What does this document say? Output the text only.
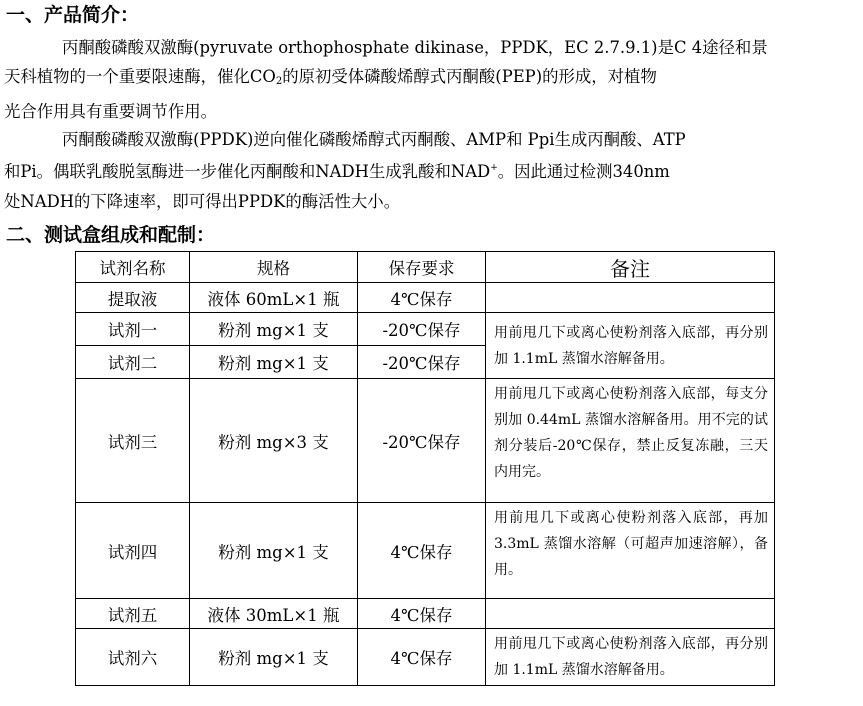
一、产品简介：
丙酮酸磷酸双激酶(pyruvate orthophosphate dikinase，PPDK，EC 2.7.9.1)是C 4途径和景
天科植物的一个重要限速酶，催化$CO_2$的原初受体磷酸烯醇式丙酮酸(PEP)的形成，对植物
光合作用具有重要调节作用。
丙酮酸磷酸双激酶(PPDK)逆向催化磷酸烯醇式丙酮酸、AMP和 Ppi生成丙酮酸、ATP
和Pi。偶联乳酸脱氢酶进一步催化丙酮酸和NADH生成乳酸和NAD+。因此通过检测340nm
处NADH的下降速率，即可得出PPDK的酶活性大小。
二、测试盒组成和配制：
试剂名称	规格	保存要求	备注
提取液	液体 60mL×1 瓶	4℃保存	
试剂一	粉剂 mg×1 支	-20℃保存	用前甩几下或离心使粉剂落入底部，再分别加 1.1mL 蒸馏水溶解备用。
试剂二	粉剂 mg×1 支	-20℃保存	
试剂三	粉剂 mg×3 支	-20℃保存	用前甩几下或离心使粉剂落入底部，每支分别加 0.44mL 蒸馏水溶解备用。用不完的试剂分装后-20℃保存，禁止反复冻融，三天内用完。
试剂四	粉剂 mg×1 支	4℃保存	用前甩几下或离心使粉剂落入底部，再加 3.3mL 蒸馏水溶解（可超声加速溶解），备用。
试剂五	液体 30mL×1 瓶	4℃保存	
试剂六	粉剂 mg×1 支	4℃保存	用前甩几下或离心使粉剂落入底部，再分别加 1.1mL 蒸馏水溶解备用。
